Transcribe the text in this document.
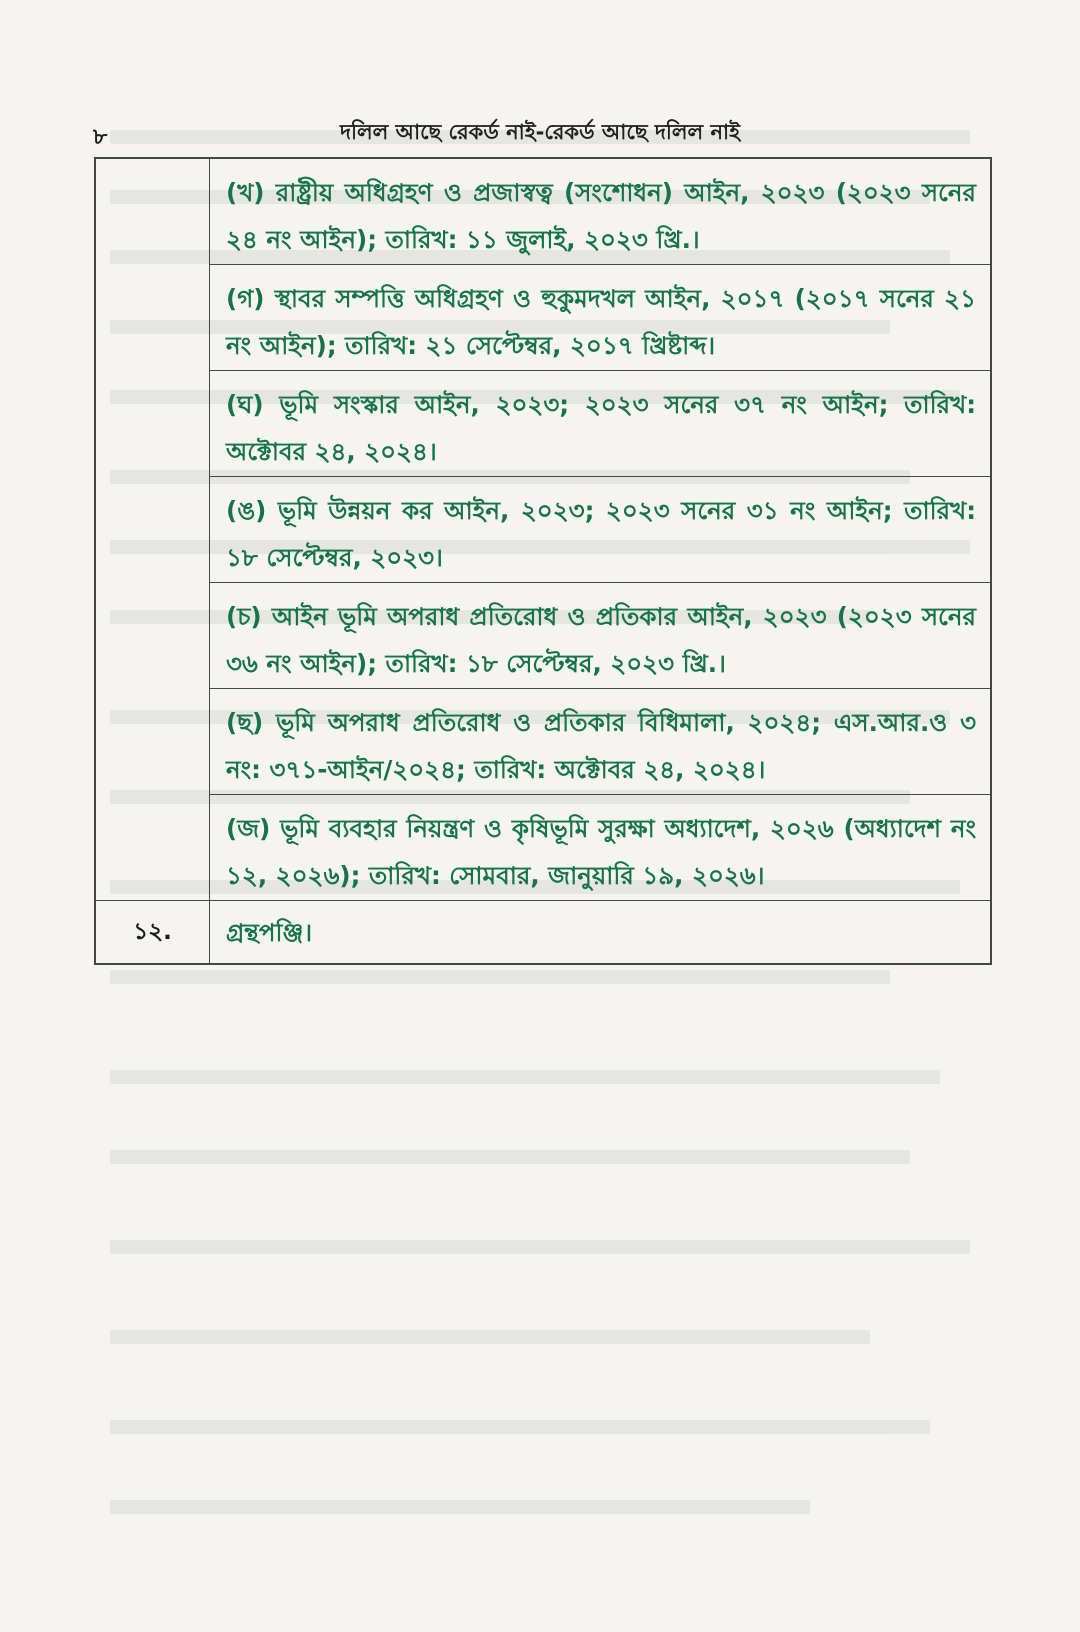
৮	দলিল আছে রেকর্ড নাই-রেকর্ড আছে দলিল নাই
(খ) রাষ্ট্রীয় অধিগ্রহণ ও প্রজাস্বত্ব (সংশোধন) আইন, ২০২৩ (২০২৩ সনের ২৪ নং আইন); তারিখ: ১১ জুলাই, ২০২৩ খ্রি.।
(গ) স্থাবর সম্পত্তি অধিগ্রহণ ও হুকুমদখল আইন, ২০১৭ (২০১৭ সনের ২১ নং আইন); তারিখ: ২১ সেপ্টেম্বর, ২০১৭ খ্রিষ্টাব্দ।
(ঘ) ভূমি সংস্কার আইন, ২০২৩; ২০২৩ সনের ৩৭ নং আইন; তারিখ: অক্টোবর ২৪, ২০২৪।
(ঙ) ভূমি উন্নয়ন কর আইন, ২০২৩; ২০২৩ সনের ৩১ নং আইন; তারিখ: ১৮ সেপ্টেম্বর, ২০২৩।
(চ) আইন ভূমি অপরাধ প্রতিরোধ ও প্রতিকার আইন, ২০২৩ (২০২৩ সনের ৩৬ নং আইন); তারিখ: ১৮ সেপ্টেম্বর, ২০২৩ খ্রি.।
(ছ) ভূমি অপরাধ প্রতিরোধ ও প্রতিকার বিধিমালা, ২০২৪; এস.আর.ও ৩ নং: ৩৭১-আইন/২০২৪; তারিখ: অক্টোবর ২৪, ২০২৪।
(জ) ভূমি ব্যবহার নিয়ন্ত্রণ ও কৃষিভূমি সুরক্ষা অধ্যাদেশ, ২০২৬ (অধ্যাদেশ নং ১২, ২০২৬); তারিখ: সোমবার, জানুয়ারি ১৯, ২০২৬।
১২.	গ্রন্থপঞ্জি।
